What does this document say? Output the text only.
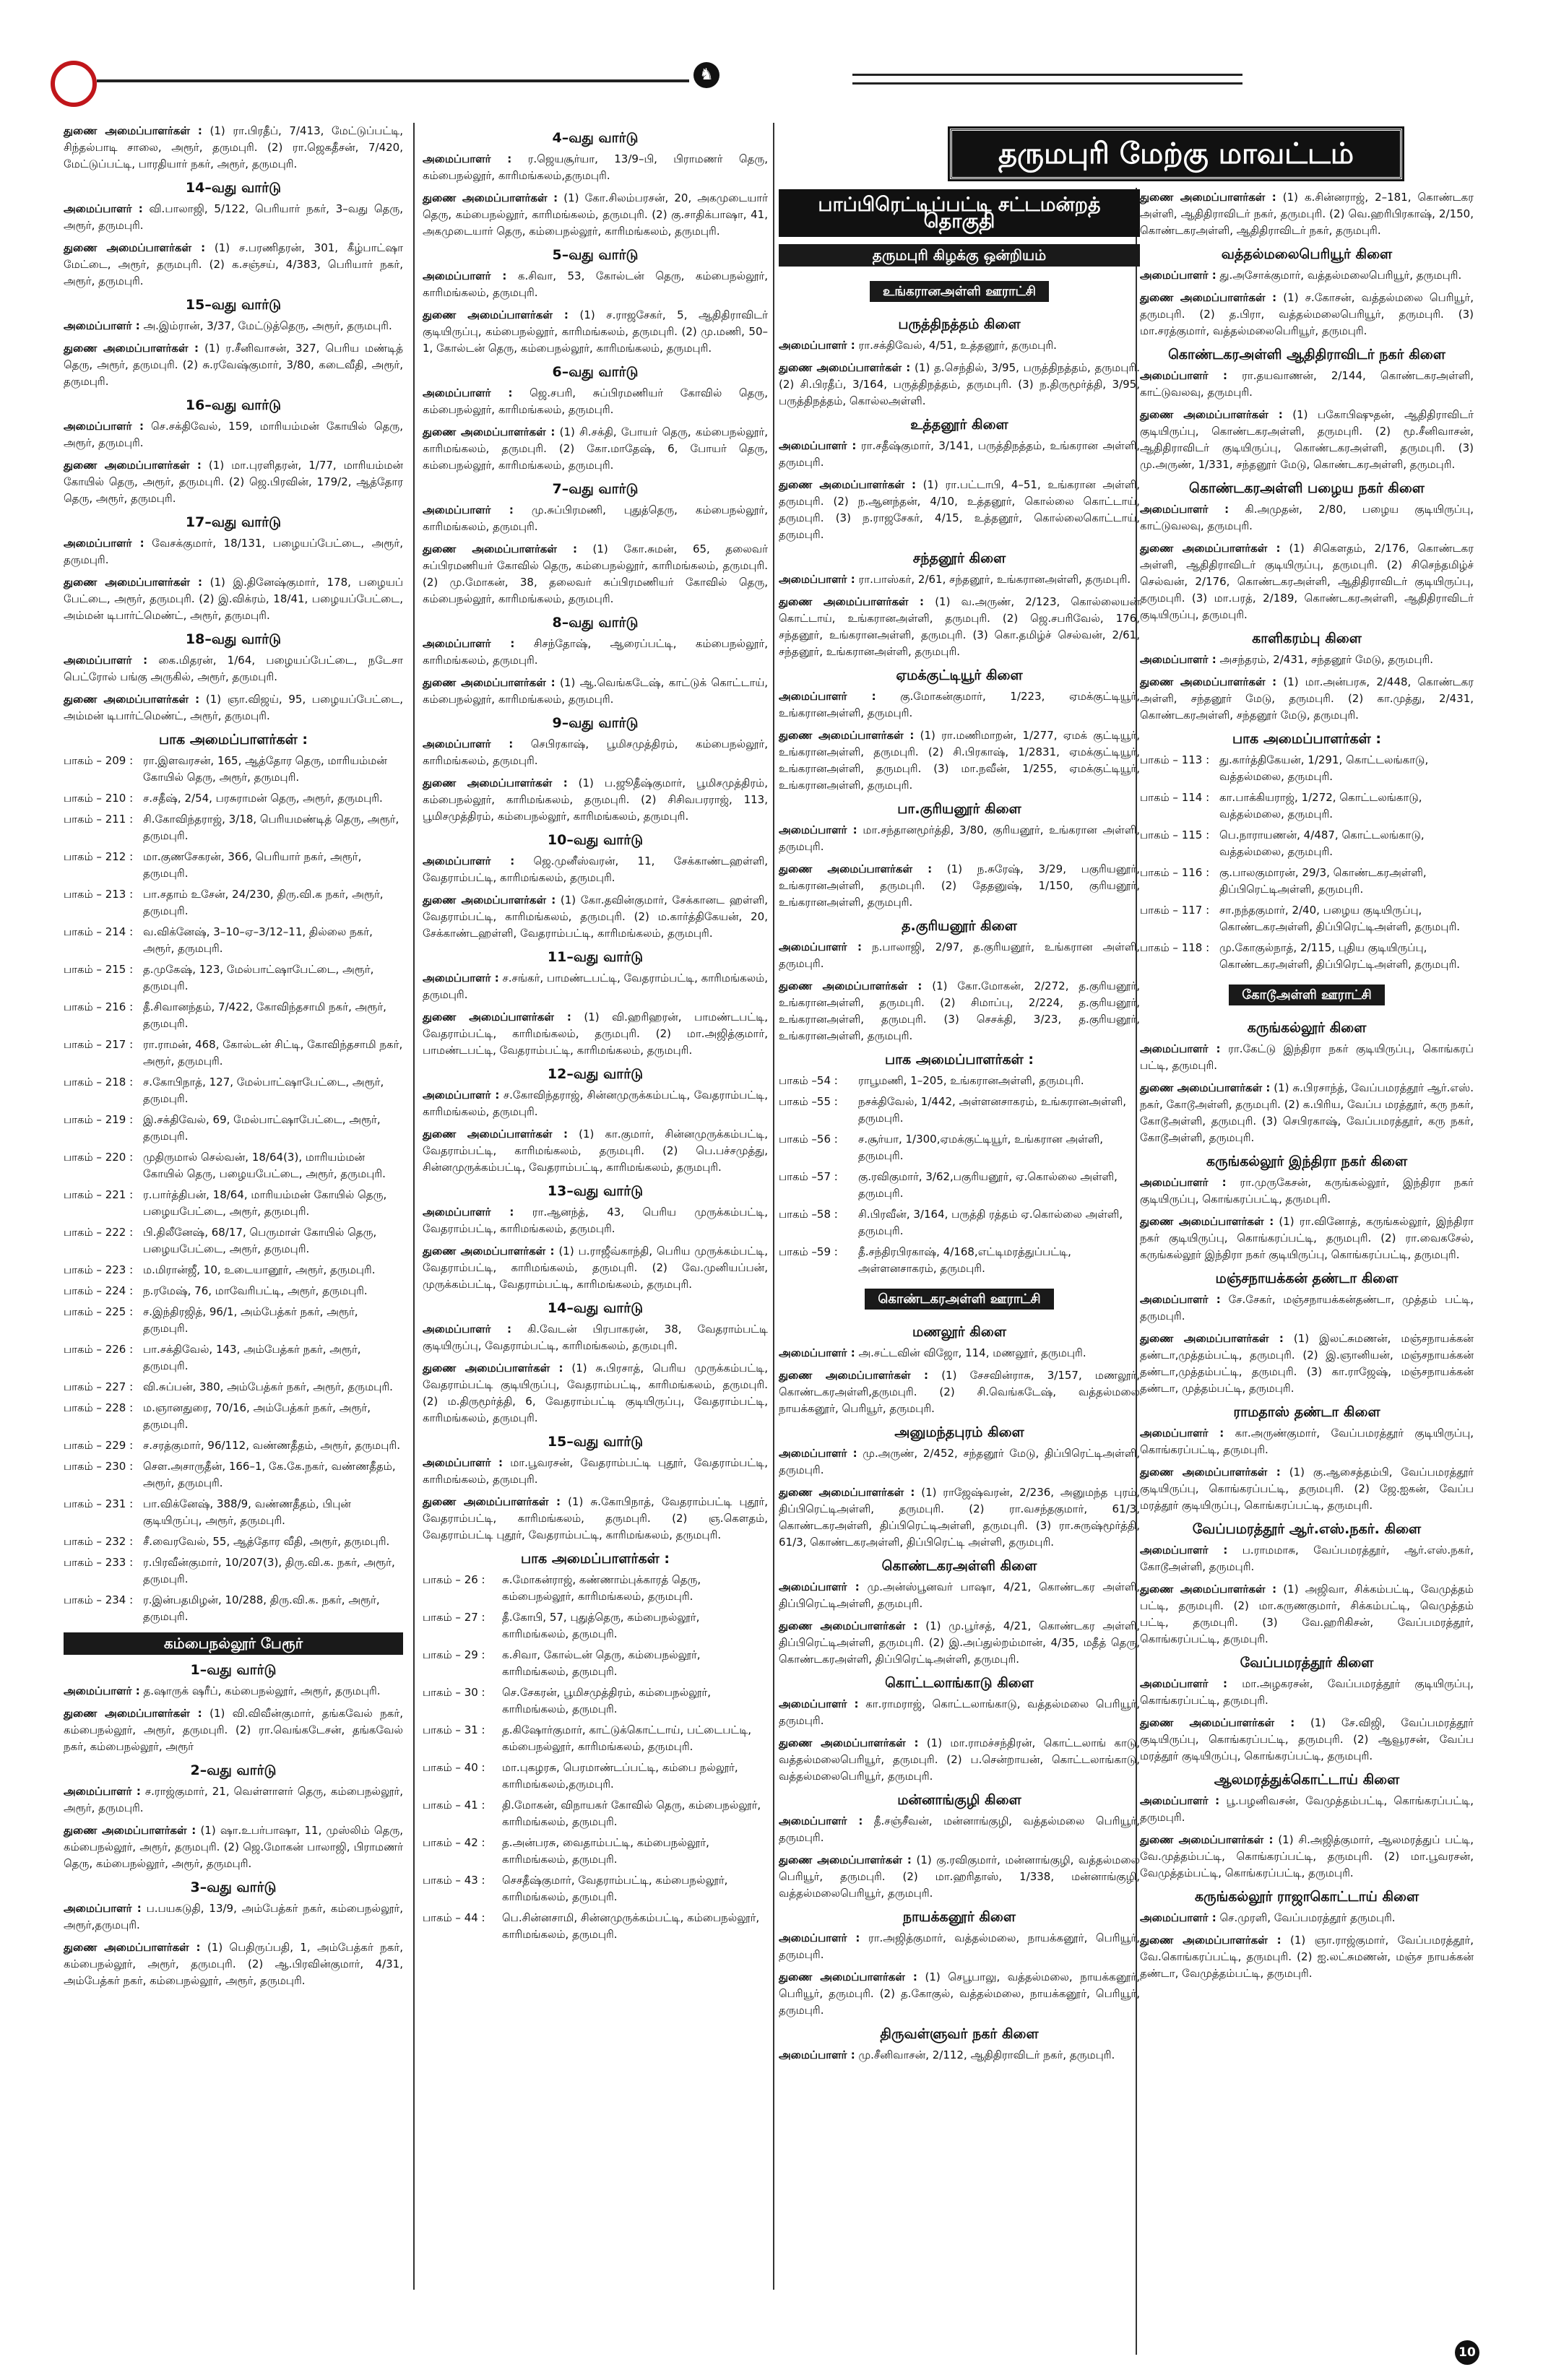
♞
தருமபுரி மேற்கு மாவட்டம்

துணை அமைப்பாளர்கள் : (1) ரா.பிரதீப், 7/413, மேட்டுப்பட்டி, சிந்தல்பாடி சாலை, அரூர், தருமபுரி. (2) ரா.ஜெகதீசன், 7/420, மேட்டுப்பட்டி, பாரதியார் நகர், அரூர், தருமபுரி.

14–வது வார்டு

அமைப்பாளர் : வி.பாலாஜி, 5/122, பெரியார் நகர், 3–வது தெரு, அரூர், தருமபுரி.

துணை அமைப்பாளர்கள் : (1) ச.பரணிதரன், 301, கீழ்பாட்ஷா மேட்டை, அரூர், தருமபுரி. (2) க.சஞ்சய், 4/383, பெரியார் நகர், அரூர், தருமபுரி.

15–வது வார்டு

அமைப்பாளர் : அ.இம்ரான், 3/37, மேட்டுத்தெரு, அரூர், தருமபுரி.

துணை அமைப்பாளர்கள் : (1) ர.சீனிவாசன், 327, பெரிய மண்டித் தெரு, அரூர், தருமபுரி. (2) சு.ரவேஷ்குமார், 3/80, கடைவீதி, அரூர், தருமபுரி.

16–வது வார்டு

அமைப்பாளர் : செ.சக்திவேல், 159, மாரியம்மன் கோயில் தெரு, அரூர், தருமபுரி.

துணை அமைப்பாளர்கள் : (1) மா.புரளிதரன், 1/77, மாரியம்மன் கோயில் தெரு, அரூர், தருமபுரி. (2) ஜெ.பிரவின், 179/2, ஆத்தோர தெரு, அரூர், தருமபுரி.

17–வது வார்டு

அமைப்பாளர் : வேசக்குமார், 18/131, பழையப்பேட்டை, அரூர், தருமபுரி.

துணை அமைப்பாளர்கள் : (1) இ.தினேஷ்குமார், 178, பழையப் பேட்டை, அரூர், தருமபுரி. (2) இ.விக்ரம், 18/41, பழையப்பேட்டை, அம்மன் டிபார்ட்மெண்ட், அரூர், தருமபுரி.

18–வது வார்டு

அமைப்பாளர் : கை.மிதரன், 1/64, பழையப்பேட்டை, நடேசா பெட்ரோல் பங்கு அருகில், அரூர், தருமபுரி.

துணை அமைப்பாளர்கள் : (1) ஞா.விஜய், 95, பழையப்பேட்டை, அம்மன் டிபார்ட்மெண்ட், அரூர், தருமபுரி.

பாக அமைப்பாளர்கள் :
பாகம் – 209 : ரா.இளவரசன், 165, ஆத்தோர தெரு, மாரியம்மன் கோயில் தெரு, அரூர், தருமபுரி.
பாகம் – 210 : ச.சதீஷ், 2/54, பரசுராமன் தெரு, அரூர், தருமபுரி.
பாகம் – 211 : சி.கோவிந்தராஜ், 3/18, பெரியமண்டித் தெரு, அரூர், தருமபுரி.
பாகம் – 212 : மா.குணசேகரன், 366, பெரியார் நகர், அரூர், தருமபுரி.
பாகம் – 213 : பா.சதாம் உசேன், 24/230, திரு.வி.க நகர், அரூர், தருமபுரி.
பாகம் – 214 : வ.விக்னேஷ், 3–10–ஏ–3/12–11, தில்லை நகர், அரூர், தருமபுரி.
பாகம் – 215 : த.முகேஷ், 123, மேல்பாட்ஷாபேட்டை, அரூர், தருமபுரி.
பாகம் – 216 : தீ.சிவானந்தம், 7/422, கோவிந்தசாமி நகர், அரூர், தருமபுரி.
பாகம் – 217 : ரா.ராமன், 468, கோல்டன் சிட்டி, கோவிந்தசாமி நகர், அரூர், தருமபுரி.
பாகம் – 218 : ச.கோபிநாத், 127, மேல்பாட்ஷாபேட்டை, அரூர், தருமபுரி.
பாகம் – 219 : இ.சக்திவேல், 69, மேல்பாட்ஷாபேட்டை, அரூர், தருமபுரி.
பாகம் – 220 : முதிருமால் செல்வன், 18/64(3), மாரியம்மன் கோயில் தெரு, பழையபேட்டை, அரூர், தருமபுரி.
பாகம் – 221 : ர.பார்த்திபன், 18/64, மாரியம்மன் கோயில் தெரு, பழையபேட்டை, அரூர், தருமபுரி.
பாகம் – 222 : பி.திலீனேஷ், 68/17, பெருமாள் கோயில் தெரு, பழையபேட்டை, அரூர், தருமபுரி.
பாகம் – 223 : ம.மிரான்ஜீ, 10, உடையானூர், அரூர், தருமபுரி.
பாகம் – 224 : ந.ரமேஷ், 76, மாவேரிபட்டி, அரூர், தருமபுரி.
பாகம் – 225 : ச.இந்திரஜித், 96/1, அம்பேத்கர் நகர், அரூர், தருமபுரி.
பாகம் – 226 : பா.சக்திவேல், 143, அம்பேத்கர் நகர், அரூர், தருமபுரி.
பாகம் – 227 : வி.சுப்பன், 380, அம்பேத்கர் நகர், அரூர், தருமபுரி.
பாகம் – 228 : ம.ஞானதுரை, 70/16, அம்பேத்கர் நகர், அரூர், தருமபுரி.
பாகம் – 229 : ச.சரத்குமார், 96/112, வண்ணதீதம், அரூர், தருமபுரி.
பாகம் – 230 : சௌ.அசாருதீன், 166–1, கே.கே.நகர், வண்ணதீதம், அரூர், தருமபுரி.
பாகம் – 231 : பா.விக்னேஷ், 388/9, வண்ணதீதம், பிபுன் குடியிருப்பு, அரூர், தருமபுரி.
பாகம் – 232 : சீ.வைரவேல், 55, ஆத்தோர வீதி, அரூர், தருமபுரி.
பாகம் – 233 : ர.பிரவீன்குமார், 10/207(3), திரு.வி.க. நகர், அரூர், தருமபுரி.
பாகம் – 234 : ர.இன்பதமிழன், 10/288, திரு.வி.க. நகர், அரூர், தருமபுரி.
கம்பைநல்லூர் பேரூர்
1–வது வார்டு

அமைப்பாளர் : த.ஷாருக் ஷரீப், கம்பைநல்லூர், அரூர், தருமபுரி.

துணை அமைப்பாளர்கள் : (1) வி.விவீன்குமார், தங்கவேல் நகர், கம்பைநல்லூர், அரூர், தருமபுரி. (2) ரா.வெங்கடேசன், தங்கவேல் நகர், கம்பைநல்லூர், அரூர்

2–வது வார்டு

அமைப்பாளர் : ச.ராஜ்குமார், 21, வெள்ளாளர் தெரு, கம்பைநல்லூர், அரூர், தருமபுரி.

துணை அமைப்பாளர்கள் : (1) ஷா.உபர்பாஷா, 11, முஸ்லிம் தெரு, கம்பைநல்லூர், அரூர், தருமபுரி. (2) ஜெ.மோகன் பாலாஜி, பிராமணர் தெரு, கம்பைநல்லூர், அரூர், தருமபுரி.

3–வது வார்டு

அமைப்பாளர் : ப.பயகடுதி, 13/9, அம்பேத்கர் நகர், கம்பைநல்லூர், அரூர்,தருமபுரி.

துணை அமைப்பாளர்கள் : (1) பெதிருப்பதி, 1, அம்பேத்கர் நகர், கம்பைநல்லூர், அரூர், தருமபுரி. (2) ஆ.பிரவின்குமார், 4/31, அம்பேத்கர் நகர், கம்பைநல்லூர், அரூர், தருமபுரி.

4–வது வார்டு

அமைப்பாளர் : ர.ஜெயசூர்யா, 13/9–பி, பிராமணர் தெரு, கம்பைநல்லூர், காரிமங்கலம்,தருமபுரி.

துணை அமைப்பாளர்கள் : (1) கோ.சிலம்பரசன், 20, அகமுடையார் தெரு, கம்பைநல்லூர், காரிமங்கலம், தருமபுரி. (2) கு.சாதிக்பாஷா, 41, அகமுடையார் தெரு, கம்பைநல்லூர், காரிமங்கலம், தருமபுரி.

5–வது வார்டு

அமைப்பாளர் : க.சிவா, 53, கோல்டன் தெரு, கம்பைநல்லூர், காரிமங்கலம், தருமபுரி.

துணை அமைப்பாளர்கள் : (1) ச.ராஜசேகர், 5, ஆதிதிராவிடர் குடியிருப்பு, கம்பைநல்லூர், காரிமங்கலம், தருமபுரி. (2) மு.மணி, 50–1, கோல்டன் தெரு, கம்பைநல்லூர், காரிமங்கலம், தருமபுரி.

6–வது வார்டு

அமைப்பாளர் : ஜெ.சபரி, சுப்பிரமணியர் கோவில் தெரு, கம்பைநல்லூர், காரிமங்கலம், தருமபுரி.

துணை அமைப்பாளர்கள் : (1) சி.சக்தி, போயர் தெரு, கம்பைநல்லூர், காரிமங்கலம், தருமபுரி. (2) கோ.மாதேஷ், 6, போயர் தெரு, கம்பைநல்லூர், காரிமங்கலம், தருமபுரி.

7–வது வார்டு

அமைப்பாளர் : மு.சுப்பிரமணி, புதுத்தெரு, கம்பைநல்லூர், காரிமங்கலம், தருமபுரி.

துணை அமைப்பாளர்கள் : (1) கோ.சுமன், 65, தலைவர் சுப்பிரமணியர் கோவில் தெரு, கம்பைநல்லூர், காரிமங்கலம், தருமபுரி. (2) மு.மோகன், 38, தலைவர் சுப்பிரமணியர் கோவில் தெரு, கம்பைநல்லூர், காரிமங்கலம், தருமபுரி.

8–வது வார்டு

அமைப்பாளர் : சிசந்தோஷ், ஆரைப்பட்டி, கம்பைநல்லூர், காரிமங்கலம், தருமபுரி.

துணை அமைப்பாளர்கள் : (1) ஆ.வெங்கடேஷ், காட்டுக் கொட்டாய், கம்பைநல்லூர், காரிமங்கலம், தருமபுரி.

9–வது வார்டு

அமைப்பாளர் : செபிரகாஷ், பூமிசமுத்திரம், கம்பைநல்லூர், காரிமங்கலம், தருமபுரி.

துணை அமைப்பாளர்கள் : (1) ப.ஜூதீஷ்குமார், பூமிசமுத்திரம், கம்பைநல்லூர், காரிமங்கலம், தருமபுரி. (2) சிசிவபரராஜ், 113, பூமிசமுத்திரம், கம்பைநல்லூர், காரிமங்கலம், தருமபுரி.

10–வது வார்டு

அமைப்பாளர் : ஜெ.முனீஸ்வரன், 11, சேக்காண்டஹள்ளி, வேதராம்பட்டி, காரிமங்கலம், தருமபுரி.

துணை அமைப்பாளர்கள் : (1) கோ.தவின்குமார், சேக்கானட ஹள்ளி, வேதராம்பட்டி, காரிமங்கலம், தருமபுரி. (2) ம.கார்த்திகேயன், 20, சேக்காண்டஹள்ளி, வேதராம்பட்டி, காரிமங்கலம், தருமபுரி.

11–வது வார்டு

அமைப்பாளர் : ச.சங்கர், பாமண்டபட்டி, வேதராம்பட்டி, காரிமங்கலம், தருமபுரி.

துணை அமைப்பாளர்கள் : (1) வி.ஹரிஹரன், பாமண்டபட்டி, வேதராம்பட்டி, காரிமங்கலம், தருமபுரி. (2) மா.அஜித்குமார், பாமண்டபட்டி, வேதராம்பட்டி, காரிமங்கலம், தருமபுரி.

12–வது வார்டு

அமைப்பாளர் : ச.கோவிந்தராஜ், சின்னமுருக்கம்பட்டி, வேதராம்பட்டி, காரிமங்கலம், தருமபுரி.

துணை அமைப்பாளர்கள் : (1) கா.குமார், சின்னமுருக்கம்பட்டி, வேதராம்பட்டி, காரிமங்கலம், தருமபுரி. (2) பெ.பச்சமுத்து, சின்னமுருக்கம்பட்டி, வேதராம்பட்டி, காரிமங்கலம், தருமபுரி.

13–வது வார்டு

அமைப்பாளர் : ரா.ஆனந்த், 43, பெரிய முருக்கம்பட்டி, வேதராம்பட்டி, காரிமங்கலம், தருமபுரி.

துணை அமைப்பாளர்கள் : (1) ப.ராஜீவ்காந்தி, பெரிய முருக்கம்பட்டி, வேதராம்பட்டி, காரிமங்கலம், தருமபுரி. (2) வே.முனியப்பன், முருக்கம்பட்டி, வேதராம்பட்டி, காரிமங்கலம், தருமபுரி.

14–வது வார்டு

அமைப்பாளர் : கி.வேடன் பிரபாகரன், 38, வேதராம்பட்டி குடியிருப்பு, வேதராம்பட்டி, காரிமங்கலம், தருமபுரி.

துணை அமைப்பாளர்கள் : (1) சு.பிரசாத், பெரிய முருக்கம்பட்டி, வேதராம்பட்டி குடியிருப்பு, வேதராம்பட்டி, காரிமங்கலம், தருமபுரி. (2) ம.திருமூர்த்தி, 6, வேதராம்பட்டி குடியிருப்பு, வேதராம்பட்டி, காரிமங்கலம், தருமபுரி.

15–வது வார்டு

அமைப்பாளர் : மா.பூவரசன், வேதராம்பட்டி புதூர், வேதராம்பட்டி, காரிமங்கலம், தருமபுரி.

துணை அமைப்பாளர்கள் : (1) சு.கோபிநாத், வேதராம்பட்டி புதூர், வேதராம்பட்டி, காரிமங்கலம், தருமபுரி. (2) ஞ.கௌதம், வேதராம்பட்டி புதூர், வேதராம்பட்டி, காரிமங்கலம், தருமபுரி.

பாக அமைப்பாளர்கள் :
பாகம் – 26 :	சு.மோகன்ராஜ், கண்ணாம்புக்காரத் தெரு, கம்பைநல்லூர், காரிமங்கலம், தருமபுரி.
பாகம் – 27 :	தீ.கோபி, 57, புதுத்தெரு, கம்பைநல்லூர், காரிமங்கலம், தருமபுரி.
பாகம் – 29 :	க.சிவா, கோல்டன் தெரு, கம்பைநல்லூர், காரிமங்கலம், தருமபுரி.
பாகம் – 30 :	செ.சேகரன், பூமிசமுத்திரம், கம்பைநல்லூர், காரிமங்கலம், தருமபுரி.
பாகம் – 31 :	த.கிஷோர்குமார், காட்டுக்கொட்டாய், பட்டைபட்டி, கம்பைநல்லூர், காரிமங்கலம், தருமபுரி.
பாகம் – 40 :	மா.புகழரசு, பெரமாண்டப்பட்டி, கம்பை நல்லூர், காரிமங்கலம்,தருமபுரி.
பாகம் – 41 :	தி.மோகன், விநாயகர் கோவில் தெரு, கம்பைநல்லூர், காரிமங்கலம், தருமபுரி.
பாகம் – 42 :	த.அன்பரசு, வைதாம்பட்டி, கம்பைநல்லூர், காரிமங்கலம், தருமபுரி.
பாகம் – 43 :	செசதீஷ்குமார், வேதராம்பட்டி, கம்பைநல்லூர், காரிமங்கலம், தருமபுரி.
பாகம் – 44 :	பெ.சின்னசாமி, சின்னமுருக்கம்பட்டி, கம்பைநல்லூர், காரிமங்கலம், தருமபுரி.
பாப்பிரெட்டிப்பட்டி சட்டமன்றத் தொகுதி
தருமபுரி கிழக்கு ஒன்றியம்
உங்கரானஅள்ளி ஊராட்சி
பருத்திநத்தம் கிளை

அமைப்பாளர் : ரா.சக்திவேல், 4/51, உத்தனூர், தருமபுரி.

துணை அமைப்பாளர்கள் : (1) த.செந்தில், 3/95, பருத்திநத்தம், தருமபுரி. (2) சி.பிரதீப், 3/164, பருத்திநத்தம், தருமபுரி. (3) ந.திருமூர்த்தி, 3/95, பருத்திநத்தம், கொல்லஅள்ளி.

உத்தனூர் கிளை

அமைப்பாளர் : ரா.சதீஷ்குமார், 3/141, பருத்திநத்தம், உங்கரான அள்ளி, தருமபுரி.

துணை அமைப்பாளர்கள் : (1) ரா.பட்டாபி, 4–51, உங்கரான அள்ளி, தருமபுரி. (2) ந.ஆனந்தன், 4/10, உத்தனூர், கொல்லை கொட்டாய், தருமபுரி. (3) ந.ராஜசேகர், 4/15, உத்தனூர், கொல்லைகொட்டாய், தருமபுரி.

சந்தனூர் கிளை

அமைப்பாளர் : ரா.பாஸ்கர், 2/61, சந்தனூர், உங்கரானஅள்ளி, தருமபுரி.

துணை அமைப்பாளர்கள் : (1) வ.அருண், 2/123, கொல்லையன் கொட்டாய், உங்கரானஅள்ளி, தருமபுரி. (2) ஜெ.சபரிவேல், 176, சந்தனூர், உங்கரானஅள்ளி, தருமபுரி. (3) கொ.தமிழ்ச் செல்வன், 2/61, சந்தனூர், உங்கரானஅள்ளி, தருமபுரி.

ஏமக்குட்டியூர் கிளை

அமைப்பாளர் : கு.மோகன்குமார், 1/223, ஏமக்குட்டியூர், உங்கரானஅள்ளி, தருமபுரி.

துணை அமைப்பாளர்கள் : (1) ரா.மணிமாறன், 1/277, ஏமக் குட்டியூர், உங்கரானஅள்ளி, தருமபுரி. (2) சி.பிரகாஷ், 1/2831, ஏமக்குட்டியூர், உங்கரானஅள்ளி, தருமபுரி. (3) மா.நவீன், 1/255, ஏமக்குட்டியூர், உங்கரானஅள்ளி, தருமபுரி.

பா.குரியனூர் கிளை

அமைப்பாளர் : மா.சந்தானமூர்த்தி, 3/80, குரியனூர், உங்கரான அள்ளி, தருமபுரி.

துணை அமைப்பாளர்கள் : (1) ந.சுரேஷ், 3/29, பகுரியனூர், உங்கரானஅள்ளி, தருமபுரி. (2) தேதனுஷ், 1/150, குரியனூர், உங்கரானஅள்ளி, தருமபுரி.

த.குரியனூர் கிளை

அமைப்பாளர் : ந.பாலாஜி, 2/97, த.குரியனூர், உங்கரான அள்ளி, தருமபுரி.

துணை அமைப்பாளர்கள் : (1) கோ.மோகன், 2/272, த.குரியனூர், உங்கரானஅள்ளி, தருமபுரி. (2) சிமாப்பு, 2/224, த.குரியனூர், உங்கரானஅள்ளி, தருமபுரி. (3) செசக்தி, 3/23, த.குரியனூர், உங்கரானஅள்ளி, தருமபுரி.

பாக அமைப்பாளர்கள் :
பாகம் –54 :	ராபூமணி, 1–205, உங்கரானஅள்ளி, தருமபுரி.
பாகம் –55 :	நசக்திவேல், 1/442, அள்ளனசாகரம், உங்கரானஅள்ளி, தருமபுரி.
பாகம் –56 :	ச.சூர்யா, 1/300,ஏமக்குட்டியூர், உங்கரான அள்ளி, தருமபுரி.
பாகம் –57 :	கு.ரவிகுமார், 3/62,பகுரியனூர், ஏ.கொல்லை அள்ளி, தருமபுரி.
பாகம் –58 :	சி.பிரவீன், 3/164, பருத்தி ரத்தம் ஏ.கொல்லை அள்ளி, தருமபுரி.
பாகம் –59 :	தீ.சந்திரபிரகாஷ், 4/168,எட்டிமரத்துப்பட்டி, அள்ளனசாகரம், தருமபுரி.
கொண்டகரஅள்ளி ஊராட்சி
மணலூர் கிளை

அமைப்பாளர் : அ.சட்டவின் விஜோ, 114, மணலூர், தருமபுரி.

துணை அமைப்பாளர்கள் : (1) சேசவின்ராசு, 3/157, மணலூர், கொண்டகரஅள்ளி,தருமபுரி. (2) சி.வெங்கடேஷ், வத்தல்மலை நாயக்கனூர், பெரியூர், தருமபுரி.

அனுமந்தபுரம் கிளை

அமைப்பாளர் : மு.அருண், 2/452, சந்தனூர் மேடு, திப்பிரெட்டிஅள்ளி, தருமபுரி.

துணை அமைப்பாளர்கள் : (1) ராஜேஷ்வரன், 2/236, அனுமந்த புரம், திப்பிரெட்டிஅள்ளி, தருமபுரி. (2) ரா.வசந்தகுமார், 61/3, கொண்டகரஅள்ளி, திப்பிரெட்டிஅள்ளி, தருமபுரி. (3) ரா.சுருஷ்மூர்த்தி, 61/3, கொண்டகரஅள்ளி, திப்பிரெட்டி அள்ளி, தருமபுரி.

கொண்டகரஅள்ளி கிளை

அமைப்பாளர் : மு.அன்ஸ்பூனவர் பாஷா, 4/21, கொண்டகர அள்ளி, திப்பிரெட்டிஅள்ளி, தருமபுரி.

துணை அமைப்பாளர்கள் : (1) மு.பூர்சத், 4/21, கொண்டகர அள்ளி, திப்பிரெட்டிஅள்ளி, தருமபுரி. (2) இ.அப்துல்றம்மான், 4/35, மதீத் தெரு, கொண்டகரஅள்ளி, திப்பிரெட்டிஅள்ளி, தருமபுரி.

கொட்டலாங்காடு கிளை

அமைப்பாளர் : கா.ராமராஜ், கொட்டலாங்காடு, வத்தல்மலை பெரியூர், தருமபுரி.

துணை அமைப்பாளர்கள் : (1) மா.ராமச்சந்திரன், கொட்டலாங் காடு, வத்தல்மலைபெரியூர், தருமபுரி. (2) ப.சென்றாயன், கொட்டலாங்காடு, வத்தல்மலைபெரியூர், தருமபுரி.

மன்னாங்குழி கிளை

அமைப்பாளர் : தீ.சஞ்சீவன், மன்னாங்குழி, வத்தல்மலை பெரியூர், தருமபுரி.

துணை அமைப்பாளர்கள் : (1) கு.ரவிகுமார், மன்னாங்குழி, வத்தல்மலை பெரியூர், தருமபுரி. (2) மா.ஹரிதாஸ், 1/338, மன்னாங்குழி, வத்தல்மலைபெரியூர், தருமபுரி.

நாயக்கனூர் கிளை

அமைப்பாளர் : ரா.அஜித்குமார், வத்தல்மலை, நாயக்கனூர், பெரியூர், தருமபுரி.

துணை அமைப்பாளர்கள் : (1) செபூபாலு, வத்தல்மலை, நாயக்கனூர், பெரியூர், தருமபுரி. (2) த.கோகுல், வத்தல்மலை, நாயக்கனூர், பெரியூர், தருமபுரி.

திருவள்ளுவர் நகர் கிளை

அமைப்பாளர் : மு.சீனிவாசன், 2/112, ஆதிதிராவிடர் நகர், தருமபுரி.

துணை அமைப்பாளர்கள் : (1) க.சின்னராஜ், 2–181, கொண்டகர அள்ளி, ஆதிதிராவிடர் நகர், தருமபுரி. (2) வெ.ஹரிபிரகாஷ், 2/150, கொண்டகரஅள்ளி, ஆதிதிராவிடர் நகர், தருமபுரி.

வத்தல்மலைபெரியூர் கிளை

அமைப்பாளர் : து.அசோக்குமார், வத்தல்மலைபெரியூர், தருமபுரி.

துணை அமைப்பாளர்கள் : (1) ச.கோசன், வத்தல்மலை பெரியூர், தருமபுரி. (2) த.பிரா, வத்தல்மலைபெரியூர், தருமபுரி. (3) மா.சரத்குமார், வத்தல்மலைபெரியூர், தருமபுரி.

கொண்டகரஅள்ளி ஆதிதிராவிடர் நகர் கிளை

அமைப்பாளர் : ரா.தயவாணன், 2/144, கொண்டகரஅள்ளி, காட்டுவலவு, தருமபுரி.

துணை அமைப்பாளர்கள் : (1) பகோபிஷுதன், ஆதிதிராவிடர் குடியிருப்பு, கொண்டகரஅள்ளி, தருமபுரி. (2) மூ.சீனிவாசன், ஆதிதிராவிடர் குடியிருப்பு, கொண்டகரஅள்ளி, தருமபுரி. (3) மு.அருண், 1/331, சந்தனூர் மேடு, கொண்டகரஅள்ளி, தருமபுரி.

கொண்டகரஅள்ளி பழைய நகர் கிளை

அமைப்பாளர் : கி.அமுதன், 2/80, பழைய குடியிருப்பு, காட்டுவலவு, தருமபுரி.

துணை அமைப்பாளர்கள் : (1) சிகௌதம், 2/176, கொண்டகர அள்ளி, ஆதிதிராவிடர் குடியிருப்பு, தருமபுரி. (2) சிசெந்தமிழ்ச் செல்வன், 2/176, கொண்டகரஅள்ளி, ஆதிதிராவிடர் குடியிருப்பு, தருமபுரி. (3) மா.பரத், 2/189, கொண்டகரஅள்ளி, ஆதிதிராவிடர் குடியிருப்பு, தருமபுரி.

காளிகரம்பு கிளை

அமைப்பாளர் : அசந்தரம், 2/431, சந்தனூர் மேடு, தருமபுரி.

துணை அமைப்பாளர்கள் : (1) மா.அன்பரசு, 2/448, கொண்டகர அள்ளி, சந்தனூர் மேடு, தருமபுரி. (2) கா.முத்து, 2/431, கொண்டகரஅள்ளி, சந்தனூர் மேடு, தருமபுரி.

பாக அமைப்பாளர்கள் :
பாகம் – 113 : து.கார்த்திகேயன், 1/291, கொட்டலங்காடு, வத்தல்மலை, தருமபுரி.
பாகம் – 114 : கா.பாக்கியராஜ், 1/272, கொட்டலங்காடு, வத்தல்மலை, தருமபுரி.
பாகம் – 115 : பெ.நாராயணன், 4/487, கொட்டலங்காடு, வத்தல்மலை, தருமபுரி.
பாகம் – 116 : கு.பாலகுமாரன், 29/3, கொண்டகரஅள்ளி, திப்பிரெட்டிஅள்ளி, தருமபுரி.
பாகம் – 117 : சா.நந்தகுமார், 2/40, பழைய குடியிருப்பு, கொண்டகரஅள்ளி, திப்பிரெட்டிஅள்ளி, தருமபுரி.
பாகம் – 118 : மு.கோகுல்நாத், 2/115, புதிய குடியிருப்பு, கொண்டகரஅள்ளி, திப்பிரெட்டிஅள்ளி, தருமபுரி.
கோடூஅள்ளி ஊராட்சி
கருங்கல்லூர் கிளை

அமைப்பாளர் : ரா.கேட்டு இந்திரா நகர் குடியிருப்பு, கொங்கரப் பட்டி, தருமபுரி.

துணை அமைப்பாளர்கள் : (1) சு.பிரசாந்த், வேப்பமரத்தூர் ஆர்.எஸ். நகர், கோடூஅள்ளி, தருமபுரி. (2) க.பிரிய, வேப்ப மரத்தூர், கரு நகர், கோடூஅள்ளி, தருமபுரி. (3) செபிரகாஷ், வேப்பமரத்தூர், கரு நகர், கோடூஅள்ளி, தருமபுரி.

கருங்கல்லூர் இந்திரா நகர் கிளை

அமைப்பாளர் : ரா.முருகேசன், கருங்கல்லூர், இந்திரா நகர் குடியிருப்பு, கொங்கரப்பட்டி, தருமபுரி.

துணை அமைப்பாளர்கள் : (1) ரா.வினோத், கருங்கல்லூர், இந்திரா நகர் குடியிருப்பு, கொங்கரப்பட்டி, தருமபுரி. (2) ரா.வைகசேல், கருங்கல்லூர் இந்திரா நகர் குடியிருப்பு, கொங்கரப்பட்டி, தருமபுரி.

மஞ்சநாயக்கன் தண்டா கிளை

அமைப்பாளர் : சே.சேகர், மஞ்சநாயக்கன்தண்டா, முத்தம் பட்டி, தருமபுரி.

துணை அமைப்பாளர்கள் : (1) இலட்சுமணன், மஞ்சநாயக்கன் தண்டா,முத்தம்பட்டி, தருமபுரி. (2) இ.ஞானியன், மஞ்சநாயக்கன் தண்டா,முத்தம்பட்டி, தருமபுரி. (3) கா.ராஜேஷ், மஞ்சநாயக்கன் தண்டா, முத்தம்பட்டி, தருமபுரி.

ராமதாஸ் தண்டா கிளை

அமைப்பாளர் : கா.அருண்குமார், வேப்பமரத்தூர் குடியிருப்பு, கொங்கரப்பட்டி, தருமபுரி.

துணை அமைப்பாளர்கள் : (1) கு.ஆசைத்தம்பி, வேப்பமரத்தூர் குடியிருப்பு, கொங்கரப்பட்டி, தருமபுரி. (2) ஜே.ஐகன், வேப்ப மரத்தூர் குடியிருப்பு, கொங்கரப்பட்டி, தருமபுரி.

வேப்பமரத்தூர் ஆர்.எஸ்.நகர். கிளை

அமைப்பாளர் : ப.ராமமாசு, வேப்பமரத்தூர், ஆர்.எஸ்.நகர், கோடூஅள்ளி, தருமபுரி.

துணை அமைப்பாளர்கள் : (1) அஜிவா, சிக்கம்பட்டி, வேமுத்தம் பட்டி, தருமபுரி. (2) மா.கருணகுமார், சிக்கம்பட்டி, வெமுத்தம் பட்டி, தருமபுரி. (3) வே.ஹரிகிசன், வேப்பமரத்தூர், கொங்கரப்பட்டி, தருமபுரி.

வேப்பமரத்தூர் கிளை

அமைப்பாளர் : மா.அழகரசன், வேப்பமரத்தூர் குடியிருப்பு, கொங்கரப்பட்டி, தருமபுரி.

துணை அமைப்பாளர்கள் : (1) சே.விஜி, வேப்பமரத்தூர் குடியிருப்பு, கொங்கரப்பட்டி, தருமபுரி. (2) ஆவூரசன், வேப்ப மரத்தூர் குடியிருப்பு, கொங்கரப்பட்டி, தருமபுரி.

ஆலமரத்துக்கொட்டாய் கிளை

அமைப்பாளர் : பூ.பழனிவசன், வேமுத்தம்பட்டி, கொங்கரப்பட்டி, தருமபுரி.

துணை அமைப்பாளர்கள் : (1) சி.அஜித்குமார், ஆலமரத்துப் பட்டி, வே.முத்தம்பட்டி, கொங்கரப்பட்டி, தருமபுரி. (2) மா.பூவரசன், வேமுத்தம்பட்டி, கொங்கரப்பட்டி, தருமபுரி.

கருங்கல்லூர் ராஜாகொட்டாய் கிளை

அமைப்பாளர் : செ.முரளி, வேப்பமரத்தூர் தருமபுரி.

துணை அமைப்பாளர்கள் : (1) ஞா.ராஜ்குமார், வேப்பமரத்தூர், வே.கொங்கரப்பட்டி, தருமபுரி. (2) ஐ.லட்சுமணன், மஞ்ச நாயக்கன் தண்டா, வேமுத்தம்பட்டி, தருமபுரி.

10
